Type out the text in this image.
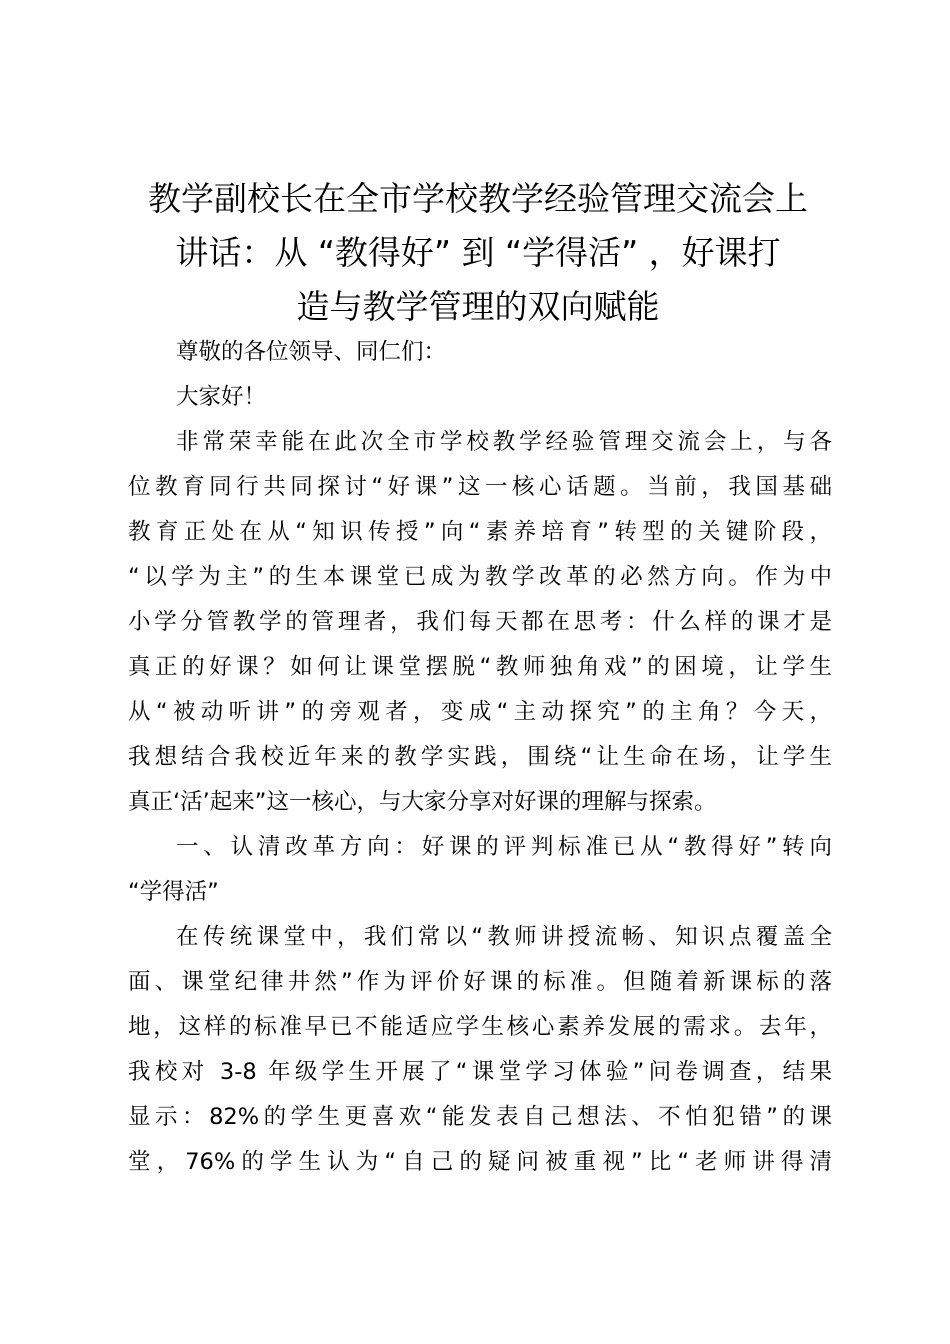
教学副校长在全市学校教学经验管理交流会上
讲话：从 “教得好” 到 “学得活” ，好课打
造与教学管理的双向赋能
尊敬的各位领导、同仁们：
大家好！
非常荣幸能在此次全市学校教学经验管理交流会上，与各
位教育同行共同探讨“好课”这一核心话题。当前，我国基础
教育正处在从“知识传授”向“素养培育”转型的关键阶段，
“以学为主”的生本课堂已成为教学改革的必然方向。作为中
小学分管教学的管理者，我们每天都在思考：什么样的课才是
真正的好课？如何让课堂摆脱“教师独角戏”的困境，让学生
从“被动听讲”的旁观者，变成“主动探究”的主角？今天，
我想结合我校近年来的教学实践，围绕“让生命在场，让学生
真正‘活’起来”这一核心，与大家分享对好课的理解与探索。
一、认清改革方向：好课的评判标准已从“教得好”转向
“学得活”
在传统课堂中，我们常以“教师讲授流畅、知识点覆盖全
面、课堂纪律井然”作为评价好课的标准。但随着新课标的落
地，这样的标准早已不能适应学生核心素养发展的需求。去年，
我校对 3-8 年级学生开展了“课堂学习体验”问卷调查，结果
显示：82%的学生更喜欢“能发表自己想法、不怕犯错”的课
堂，76%的学生认为“自己的疑问被重视”比“老师讲得清
